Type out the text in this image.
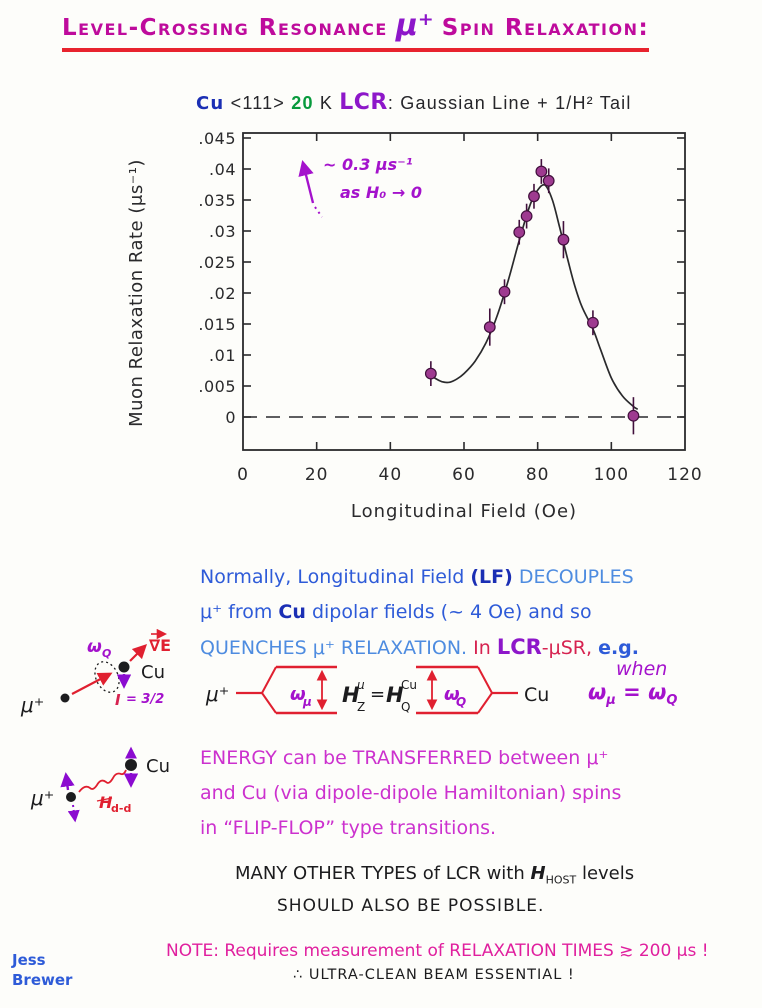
Level-Crossing Resonance μ⁺ Spin Relaxation:
Cu <111> 20 K LCR: Gaussian Line + 1/H² Tail
0	20	40	60	80	100 120
0
.005
.01
.015
.02
.025
.03
.035
.04
.045
Longitudinal Field (Oe)
Muon Relaxation Rate (μs⁻¹)	~ 0.3 μs⁻¹
as H₀ → 0
Normally, Longitudinal Field (LF) DECOUPLES
μ⁺ from Cu dipolar fields (~ 4 Oe) and so
QUENCHES μ⁺ RELAXATION. In LCR-μSR, e.g.
μ⁺
Cu
∇E
ω Q
I = 3/2 μ⁺	ω
μ H
μ
Z
= H
Cu
Q
ω
Q	Cu
when
$\omega_\mu = \omega_Q$
μ⁺	H
d-d
Cu ENERGY can be TRANSFERRED between μ⁺
and Cu (via dipole-dipole Hamiltonian) spins
in “FLIP-FLOP” type transitions.
MANY OTHER TYPES of LCR with $H_{HOST}$ levels
SHOULD ALSO BE POSSIBLE.
NOTE: Requires measurement of RELAXATION TIMES ≳ 200 μs !
∴ ULTRA-CLEAN BEAM ESSENTIAL !
Jess
Brewer
